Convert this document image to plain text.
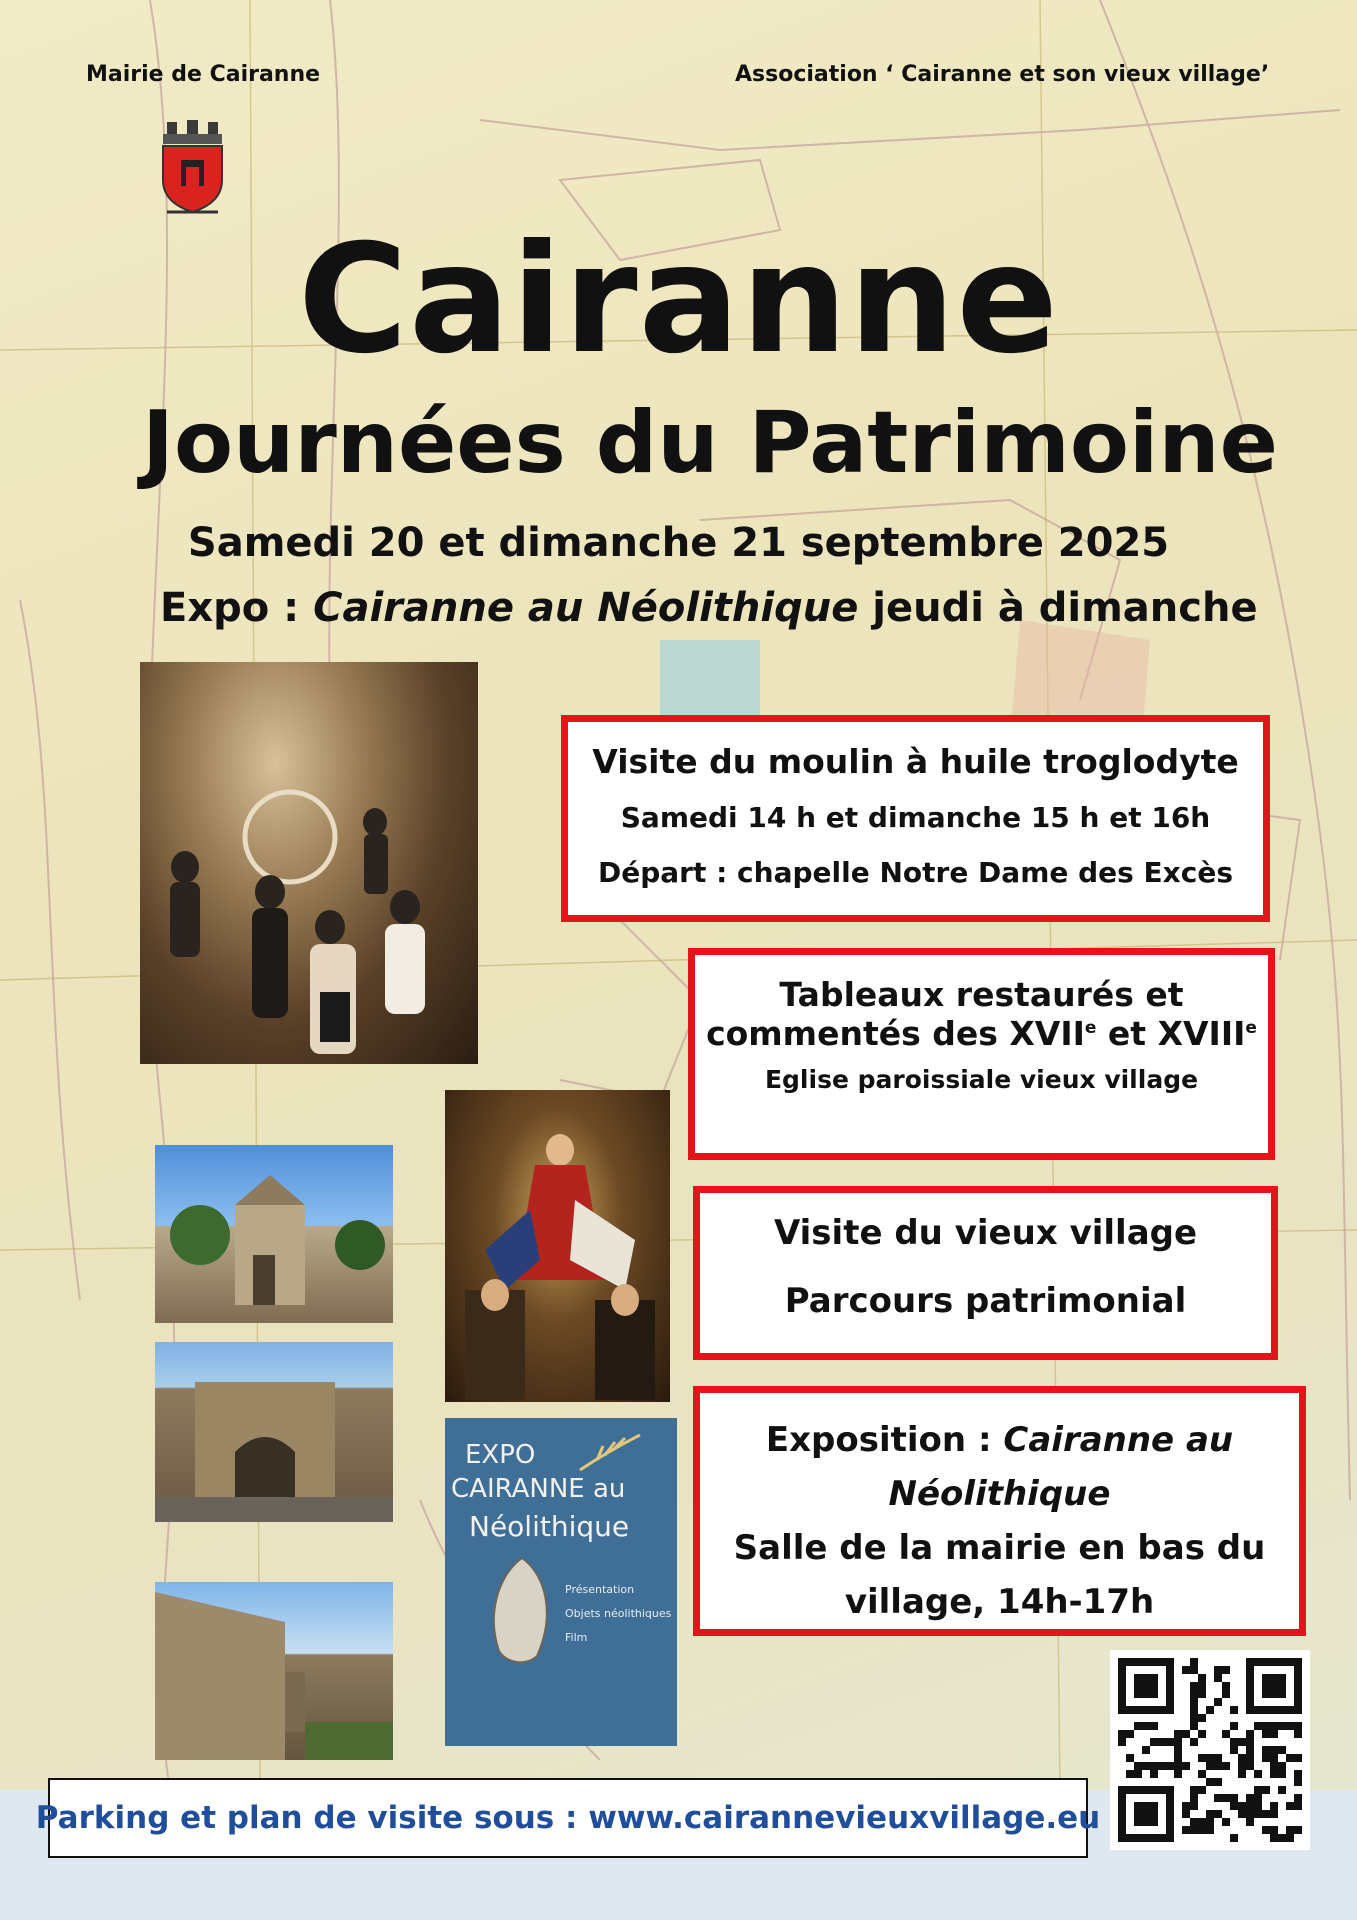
Mairie de Cairanne	Association ‘ Cairanne et son vieux village’
Cairanne
Journées du Patrimoine
Samedi 20 et dimanche 21 septembre 2025
Expo : Cairanne au Néolithique jeudi à dimanche
EXPO
CAIRANNE au
Néolithique
Présentation
Objets néolithiques
Film
Visite du moulin à huile troglodyte
Samedi 14 h et dimanche 15 h et 16h
Départ : chapelle Notre Dame des Excès
Tableaux restaurés et
commentés des XVIIe et XVIIIe
Eglise paroissiale vieux village
Visite du vieux village
Parcours patrimonial
Exposition : Cairanne au
Néolithique
Salle de la mairie en bas du
village, 14h-17h
Parking et plan de visite sous : www.cairannevieuxvillage.eu
